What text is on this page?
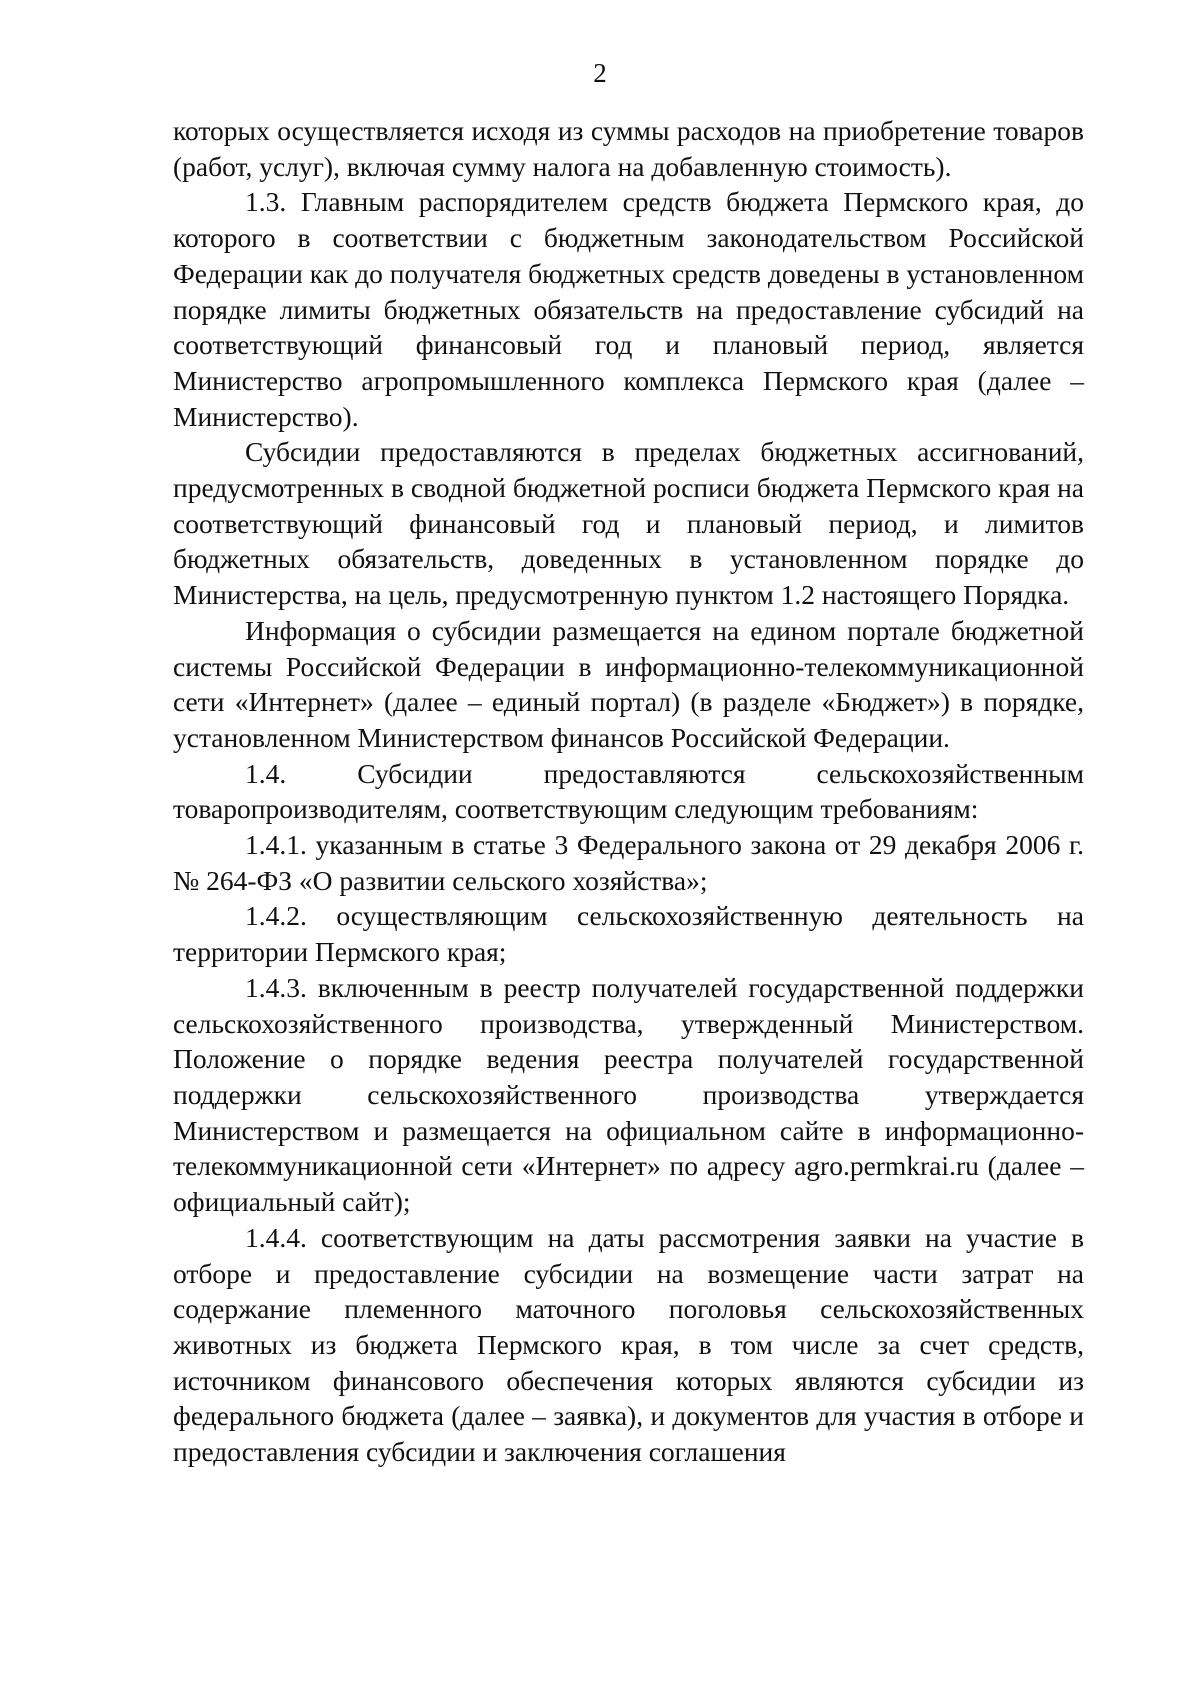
2

которых осуществляется исходя из суммы расходов на приобретение товаров (работ, услуг), включая сумму налога на добавленную стоимость).

1.3. Главным распорядителем средств бюджета Пермского края, до которого в соответствии с бюджетным законодательством Российской Федерации как до получателя бюджетных средств доведены в установленном порядке лимиты бюджетных обязательств на предоставление субсидий на соответствующий финансовый год и плановый период, является Министерство агропромышленного комплекса Пермского края (далее – Министерство).

Субсидии предоставляются в пределах бюджетных ассигнований, предусмотренных в сводной бюджетной росписи бюджета Пермского края на соответствующий финансовый год и плановый период, и лимитов бюджетных обязательств, доведенных в установленном порядке до Министерства, на цель, предусмотренную пунктом 1.2 настоящего Порядка.

Информация о субсидии размещается на едином портале бюджетной системы Российской Федерации в информационно-телекоммуникационной сети «Интернет» (далее – единый портал) (в разделе «Бюджет») в порядке, установленном Министерством финансов Российской Федерации.

1.4. Субсидии предоставляются сельскохозяйственным товаропроизводителям, соответствующим следующим требованиям:

1.4.1. указанным в статье 3 Федерального закона от 29 декабря 2006 г. № 264-ФЗ «О развитии сельского хозяйства»;

1.4.2. осуществляющим сельскохозяйственную деятельность на территории Пермского края;

1.4.3. включенным в реестр получателей государственной поддержки сельскохозяйственного производства, утвержденный Министерством. Положение о порядке ведения реестра получателей государственной поддержки сельскохозяйственного производства утверждается Министерством и размещается на официальном сайте в информационно-телекоммуникационной сети «Интернет» по адресу agro.permkrai.ru (далее – официальный сайт);

1.4.4. соответствующим на даты рассмотрения заявки на участие в отборе и предоставление субсидии на возмещение части затрат на содержание племенного маточного поголовья сельскохозяйственных животных из бюджета Пермского края, в том числе за счет средств, источником финансового обеспечения которых являются субсидии из федерального бюджета (далее – заявка), и документов для участия в отборе и предоставления субсидии и заключения соглашения
